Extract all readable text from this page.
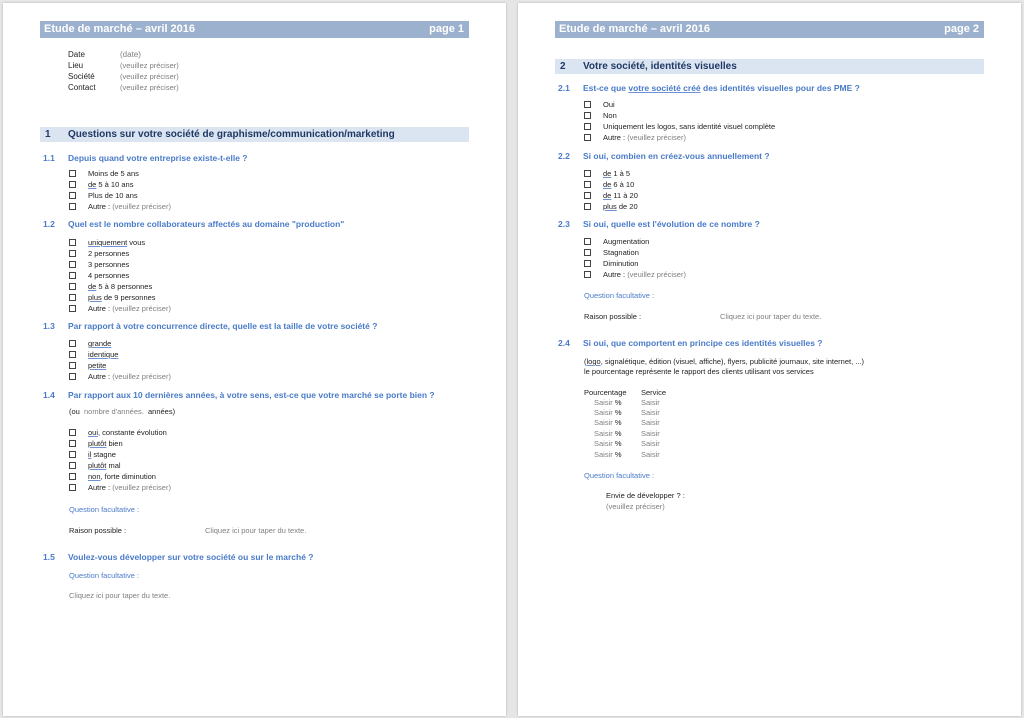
Etude de marché – avril 2016	page 1
Date	(date)
Lieu	(veuillez préciser)
Société	(veuillez préciser)
Contact	(veuillez préciser)
1 Questions sur votre société de graphisme/communication/marketing
1.1 Depuis quand votre entreprise existe-t-elle ?
Moins de 5 ans
de 5 à 10 ans
Plus de 10 ans
Autre : (veuillez préciser)
1.2 Quel est le nombre collaborateurs affectés au domaine "production"
uniquement vous
2 personnes
3 personnes
4 personnes
de 5 à 8 personnes
plus de 9 personnes
Autre : (veuillez préciser)
1.3 Par rapport à votre concurrence directe, quelle est la taille de votre société ?
grande
identique
petite
Autre : (veuillez préciser)
1.4 Par rapport aux 10 dernières années, à votre sens, est-ce que votre marché se porte bien ?
(ou nombre d'années. années)
oui, constante évolution
plutôt bien
il stagne
plutôt mal
non, forte diminution
Autre : (veuillez préciser)
Question facultative :
Raison possible :	Cliquez ici pour taper du texte.
1.5 Voulez-vous développer sur votre société ou sur le marché ?
Question facultative :
Cliquez ici pour taper du texte.
Etude de marché – avril 2016	page 2
2 Votre société, identités visuelles
2.1 Est-ce que votre société créé des identités visuelles pour des PME ?
Oui
Non
Uniquement les logos, sans identité visuel complète
Autre : (veuillez préciser)
2.2 Si oui, combien en créez-vous annuellement ?
de 1 à 5
de 6 à 10
de 11 à 20
plus de 20
2.3 Si oui, quelle est l'évolution de ce nombre ?
Augmentation
Stagnation
Diminution
Autre : (veuillez préciser)
Question facultative :
Raison possible :	Cliquez ici pour taper du texte.
2.4 Si oui, que comportent en principe ces identités visuelles ?
(logo, signalétique, édition (visuel, affiche), flyers, publicité journaux, site internet, ...)
le pourcentage représente le rapport des clients utilisant vos services
Pourcentage Service
Saisir %	Saisir
Saisir %	Saisir
Saisir %	Saisir
Saisir %	Saisir
Saisir %	Saisir
Saisir %	Saisir
Question facultative :
Envie de développer ? :
(veuillez préciser)
